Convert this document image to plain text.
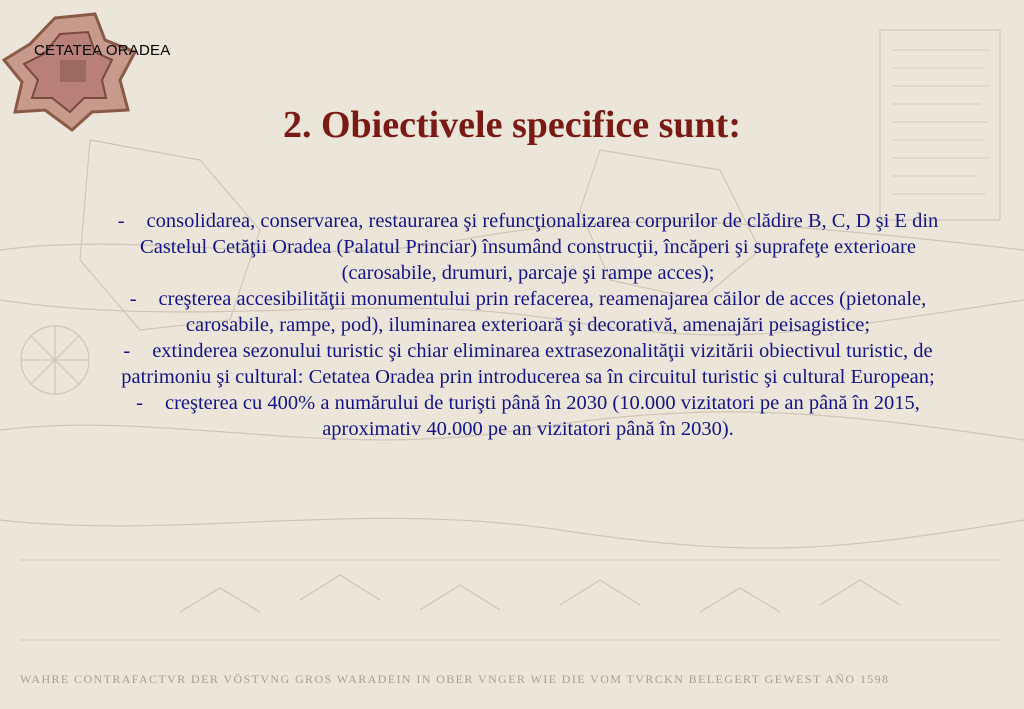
CETATEA ORADEA
2. Obiectivele specifice sunt:
- consolidarea, conservarea, restaurarea şi refuncţionalizarea corpurilor de clădire B, C, D şi E din Castelul Cetăţii Oradea (Palatul Princiar) însumând construcţii, încăperi şi suprafeţe exterioare (carosabile, drumuri, parcaje şi rampe acces);
- creşterea accesibilităţii monumentului prin refacerea, reamenajarea căilor de acces (pietonale, carosabile, rampe, pod), iluminarea exterioară şi decorativă, amenajări peisagistice;
- extinderea sezonului turistic şi chiar eliminarea extrasezonalităţii vizitării obiectivul turistic, de patrimoniu şi cultural: Cetatea Oradea prin introducerea sa în circuitul turistic şi cultural European;
- creşterea cu 400% a numărului de turişti până în 2030 (10.000 vizitatori pe an până în 2015, aproximativ 40.000 pe an vizitatori până în 2030).
WAHRE CONTRAFACTVR DER VÖSTVNG GROS WARADEIN IN OBER VNGER WIE DIE VOM TVRCKN BELEGERT GEWEST AÑO 1598
